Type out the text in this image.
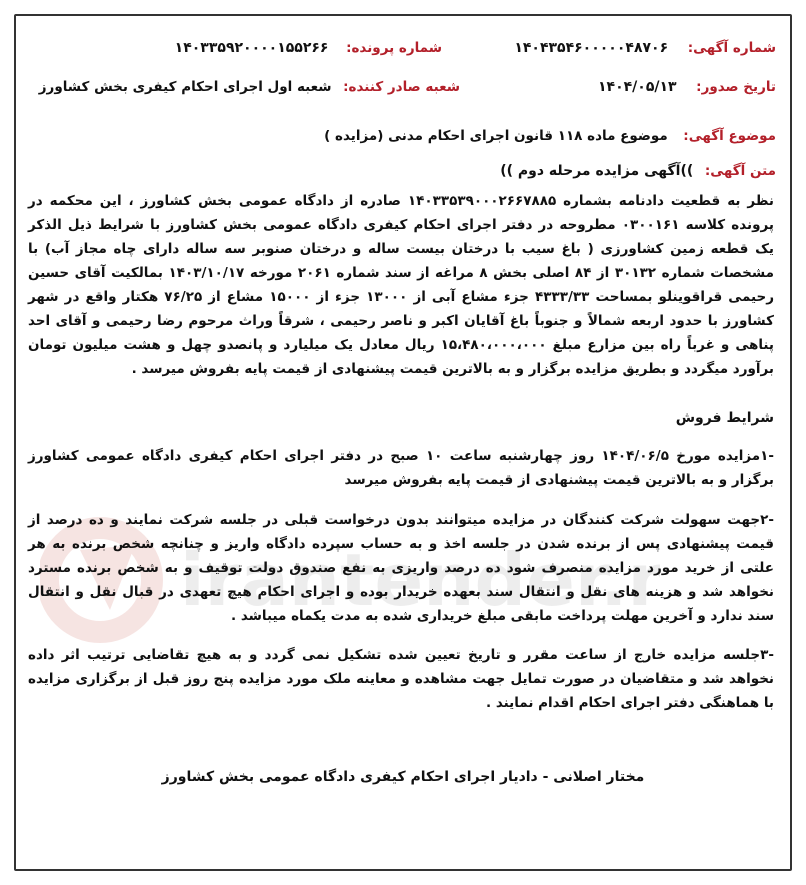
شماره آگهی: ۱۴۰۴۳۵۴۶۰۰۰۰۰۴۸۷۰۶
شماره پرونده: ۱۴۰۳۳۵۹۲۰۰۰۰۱۵۵۲۶۶
تاریخ صدور: ۱۴۰۴/۰۵/۱۳
شعبه صادر کننده: شعبه اول اجرای احکام کیفری بخش کشاورز
موضوع آگهی: موضوع ماده ۱۱۸ قانون اجرای احکام مدنی (مزایده )
متن آگهی: ))آگهی مزایده مرحله دوم ))
نظر به قطعیت دادنامه بشماره ۱۴۰۳۳۵۳۹۰۰۰۲۶۶۷۸۸۵ صادره از دادگاه عمومی بخش کشاورز ، این محکمه در پرونده کلاسه ۰۳۰۰۱۶۱ مطروحه در دفتر اجرای احکام کیفری دادگاه عمومی بخش کشاورز با شرایط ذیل الذکر یک قطعه زمین کشاورزی ( باغ سیب با درختان بیست ساله و درختان صنوبر سه ساله دارای چاه مجاز آب) با مشخصات شماره ۳۰۱۳۲ از ۸۴ اصلی بخش ۸ مراغه از سند شماره ۲۰۶۱ مورخه ۱۴۰۳/۱۰/۱۷ بمالکیت آقای حسین رحیمی قراقوینلو بمساحت ۴۳۳۳/۳۳ جزء مشاع آبی از ۱۳۰۰۰ جزء از ۱۵۰۰۰ مشاع از ۷۶/۲۵ هکتار واقع در شهر کشاورز با حدود اربعه شمالاً و جنوباً باغ آقایان اکبر و ناصر رحیمی ، شرقاً وراث مرحوم رضا رحیمی و آقای احد پناهی و غرباً راه بین مزارع مبلغ ۱۵،۴۸۰،۰۰۰،۰۰۰ ریال معادل یک میلیارد و پانصدو چهل و هشت میلیون تومان برآورد میگردد و بطریق مزایده برگزار و به بالاترین قیمت پیشنهادی از قیمت پایه بفروش میرسد .
شرایط فروش
-۱مزایده مورخ ۱۴۰۴/۰۶/۵ روز چهارشنبه ساعت ۱۰ صبح در دفتر اجرای احکام کیفری دادگاه عمومی کشاورز برگزار و به بالاترین قیمت پیشنهادی از قیمت پایه بفروش میرسد
-۲جهت سهولت شرکت کنندگان در مزایده میتوانند بدون درخواست قبلی در جلسه شرکت نمایند و ده درصد از قیمت پیشنهادی پس از برنده شدن در جلسه اخذ و به حساب سپرده دادگاه واریز و چنانچه شخص برنده به هر علتی از خرید مورد مزایده منصرف شود ده درصد واریزی به نفع صندوق دولت توقیف و به شخص برنده مسترد نخواهد شد و هزینه های نقل و انتقال سند بعهده خریدار بوده و اجرای احکام هیچ تعهدی در قبال نقل و انتقال سند ندارد و آخرین مهلت پرداخت مابقی مبلغ خریداری شده به مدت یکماه میباشد .
-۳جلسه مزایده خارج از ساعت مقرر و تاریخ تعیین شده تشکیل نمی گردد و به هیچ تقاضایی ترتیب اثر داده نخواهد شد و متقاضیان در صورت تمایل جهت مشاهده و معاینه ملک مورد مزایده پنج روز قبل از برگزاری مزایده با هماهنگی دفتر اجرای احکام اقدام نمایند .
مختار اصلانی - دادیار اجرای احکام کیفری دادگاه عمومی بخش کشاورز
